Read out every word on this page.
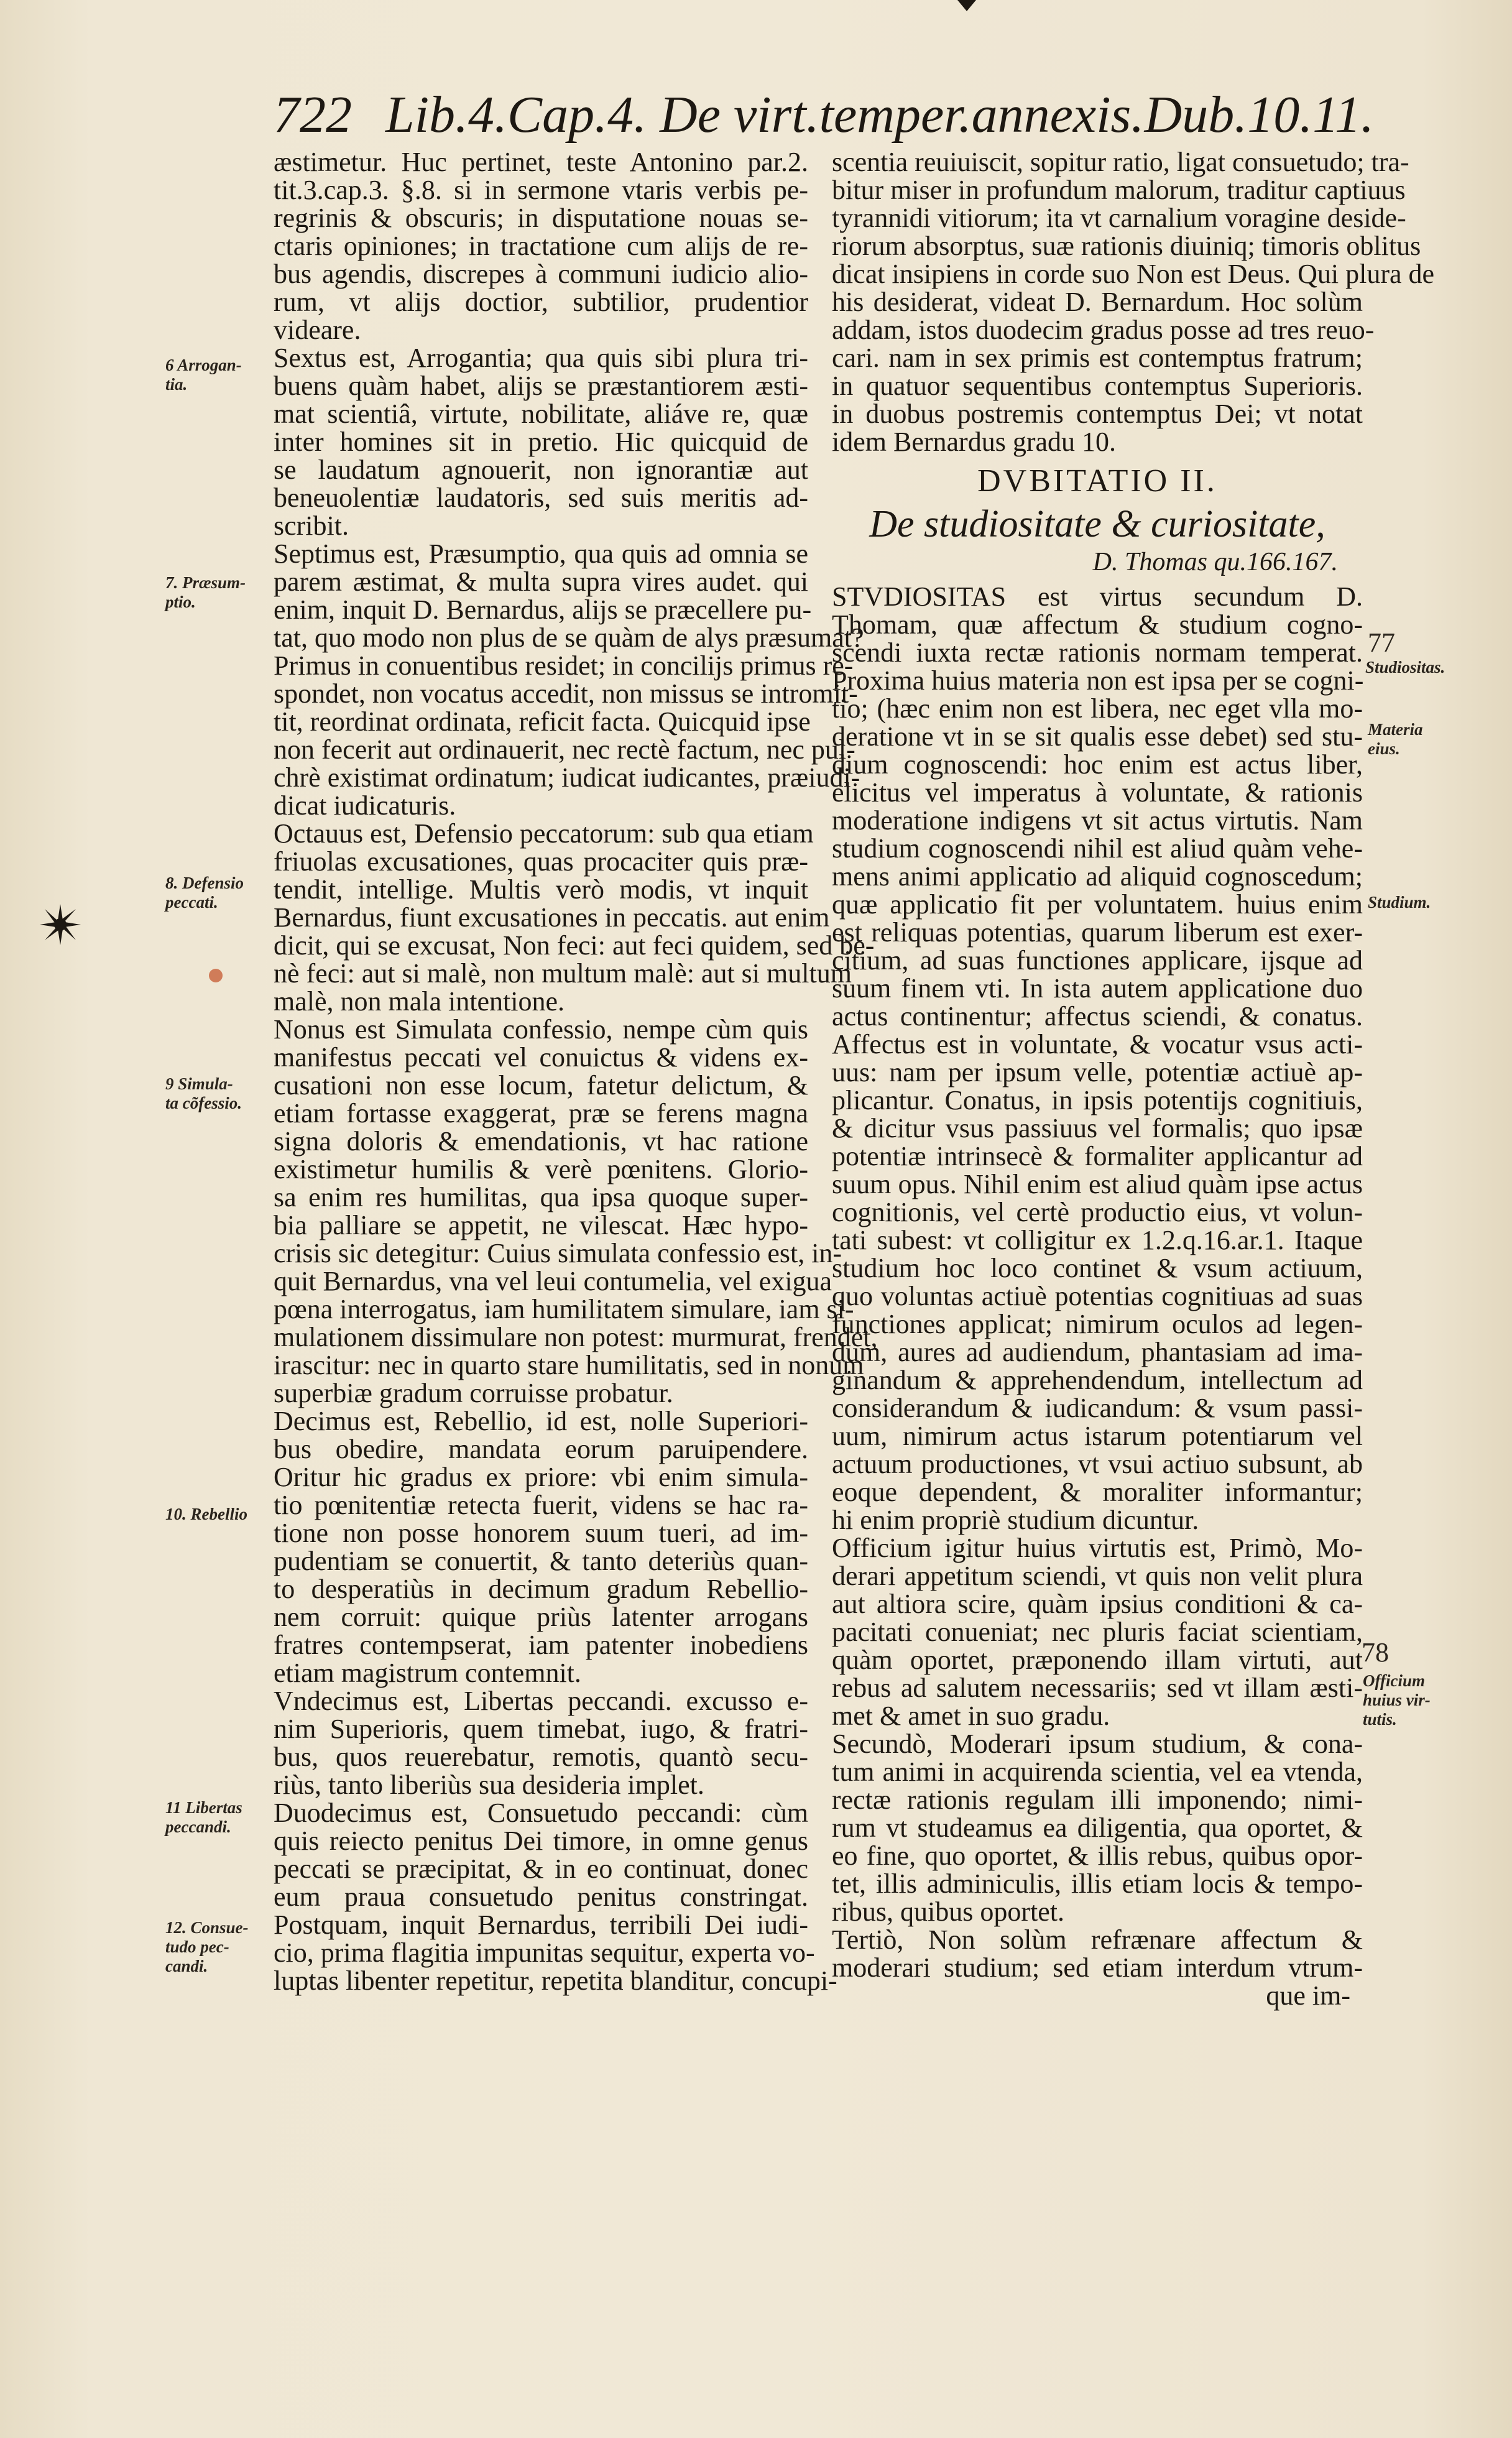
722 Lib.4.Cap.4. De virt.temper.annexis. Dub.10.11.
æstimetur. Huc pertinet, teste Antonino par.2.
tit.3.cap.3. §.8. si in sermone vtaris verbis pe-
regrinis & obscuris; in disputatione nouas se-
ctaris opiniones; in tractatione cum alijs de re-
bus agendis, discrepes à communi iudicio alio-
rum, vt alijs doctior, subtilior, prudentior
videare.
Sextus est, Arrogantia; qua quis sibi plura tri-
buens quàm habet, alijs se præstantiorem æsti-
mat scientiâ, virtute, nobilitate, aliáve re, quæ
inter homines sit in pretio. Hic quicquid de
se laudatum agnouerit, non ignorantiæ aut
beneuolentiæ laudatoris, sed suis meritis ad-
scribit.
Septimus est, Præsumptio, qua quis ad omnia se
parem æstimat, & multa supra vires audet. qui
enim, inquit D. Bernardus, alijs se præcellere pu-
tat, quo modo non plus de se quàm de alys præsumat?
Primus in conuentibus residet; in concilijs primus re-
spondet, non vocatus accedit, non missus se intromit-
tit, reordinat ordinata, reficit facta. Quicquid ipse
non fecerit aut ordinauerit, nec rectè factum, nec pul-
chrè existimat ordinatum; iudicat iudicantes, præiudi-
dicat iudicaturis.
Octauus est, Defensio peccatorum: sub qua etiam
friuolas excusationes, quas procaciter quis præ-
tendit, intellige. Multis verò modis, vt inquit
Bernardus, fiunt excusationes in peccatis. aut enim
dicit, qui se excusat, Non feci: aut feci quidem, sed be-
nè feci: aut si malè, non multum malè: aut si multum
malè, non mala intentione.
Nonus est Simulata confessio, nempe cùm quis
manifestus peccati vel conuictus & videns ex-
cusationi non esse locum, fatetur delictum, &
etiam fortasse exaggerat, præ se ferens magna
signa doloris & emendationis, vt hac ratione
existimetur humilis & verè pœnitens. Glorio-
sa enim res humilitas, qua ipsa quoque super-
bia palliare se appetit, ne vilescat. Hæc hypo-
crisis sic detegitur: Cuius simulata confessio est, in-
quit Bernardus, vna vel leui contumelia, vel exigua
pœna interrogatus, iam humilitatem simulare, iam si-
mulationem dissimulare non potest: murmurat, frendet,
irascitur: nec in quarto stare humilitatis, sed in nonum
superbiæ gradum corruisse probatur.
Decimus est, Rebellio, id est, nolle Superiori-
bus obedire, mandata eorum paruipendere.
Oritur hic gradus ex priore: vbi enim simula-
tio pœnitentiæ retecta fuerit, videns se hac ra-
tione non posse honorem suum tueri, ad im-
pudentiam se conuertit, & tanto deteriùs quan-
to desperatiùs in decimum gradum Rebellio-
nem corruit: quique priùs latenter arrogans
fratres contempserat, iam patenter inobediens
etiam magistrum contemnit.
Vndecimus est, Libertas peccandi. excusso e-
nim Superioris, quem timebat, iugo, & fratri-
bus, quos reuerebatur, remotis, quantò secu-
riùs, tanto liberiùs sua desideria implet.
Duodecimus est, Consuetudo peccandi: cùm
quis reiecto penitus Dei timore, in omne genus
peccati se præcipitat, & in eo continuat, donec
eum praua consuetudo penitus constringat.
Postquam, inquit Bernardus, terribili Dei iudi-
cio, prima flagitia impunitas sequitur, experta vo-
luptas libenter repetitur, repetita blanditur, concupi-
scentia reuiuiscit, sopitur ratio, ligat consuetudo; tra-
bitur miser in profundum malorum, traditur captiuus
tyrannidi vitiorum; ita vt carnalium voragine deside-
riorum absorptus, suæ rationis diuiniq; timoris oblitus
dicat insipiens in corde suo Non est Deus. Qui plura de
his desiderat, videat D. Bernardum. Hoc solùm
addam, istos duodecim gradus posse ad tres reuo-
cari. nam in sex primis est contemptus fratrum;
in quatuor sequentibus contemptus Superioris.
in duobus postremis contemptus Dei; vt notat
idem Bernardus gradu 10.
DVBITATIO II.
De studiositate & curiositate,
D. Thomas qu.166.167.
STVDIOSITAS est virtus secundum D.
Thomam, quæ affectum & studium cogno-
scendi iuxta rectæ rationis normam temperat.
Proxima huius materia non est ipsa per se cogni-
tio; (hæc enim non est libera, nec eget vlla mo-
deratione vt in se sit qualis esse debet) sed stu-
dium cognoscendi: hoc enim est actus liber,
elicitus vel imperatus à voluntate, & rationis
moderatione indigens vt sit actus virtutis. Nam
studium cognoscendi nihil est aliud quàm vehe-
mens animi applicatio ad aliquid cognoscedum;
quæ applicatio fit per voluntatem. huius enim
est reliquas potentias, quarum liberum est exer-
citium, ad suas functiones applicare, ijsque ad
suum finem vti. In ista autem applicatione duo
actus continentur; affectus sciendi, & conatus.
Affectus est in voluntate, & vocatur vsus acti-
uus: nam per ipsum velle, potentiæ actiuè ap-
plicantur. Conatus, in ipsis potentijs cognitiuis,
& dicitur vsus passiuus vel formalis; quo ipsæ
potentiæ intrinsecè & formaliter applicantur ad
suum opus. Nihil enim est aliud quàm ipse actus
cognitionis, vel certè productio eius, vt volun-
tati subest: vt colligitur ex 1.2.q.16.ar.1. Itaque
studium hoc loco continet & vsum actiuum,
quo voluntas actiuè potentias cognitiuas ad suas
functiones applicat; nimirum oculos ad legen-
dum, aures ad audiendum, phantasiam ad ima-
ginandum & apprehendendum, intellectum ad
considerandum & iudicandum: & vsum passi-
uum, nimirum actus istarum potentiarum vel
actuum productiones, vt vsui actiuo subsunt, ab
eoque dependent, & moraliter informantur;
hi enim propriè studium dicuntur.
Officium igitur huius virtutis est, Primò, Mo-
derari appetitum sciendi, vt quis non velit plura
aut altiora scire, quàm ipsius conditioni & ca-
pacitati conueniat; nec pluris faciat scientiam,
quàm oportet, præponendo illam virtuti, aut
rebus ad salutem necessariis; sed vt illam æsti-
met & amet in suo gradu.
Secundò, Moderari ipsum studium, & cona-
tum animi in acquirenda scientia, vel ea vtenda,
rectæ rationis regulam illi imponendo; nimi-
rum vt studeamus ea diligentia, qua oportet, &
eo fine, quo oportet, & illis rebus, quibus opor-
tet, illis adminiculis, illis etiam locis & tempo-
ribus, quibus oportet.
Tertiò, Non solùm refrænare affectum &
moderari studium; sed etiam interdum vtrum-
que im-
6 Arrogan-
tia.
7. Præsum-
ptio.
8. Defensio
peccati.
9 Simula-
ta cõfessio.
10. Rebellio
11 Libertas
peccandi.
12. Consue-
tudo pec-
candi.
77
Studiositas.
Materia
eius.
Studium.
78
Officium
huius vir-
tutis.
